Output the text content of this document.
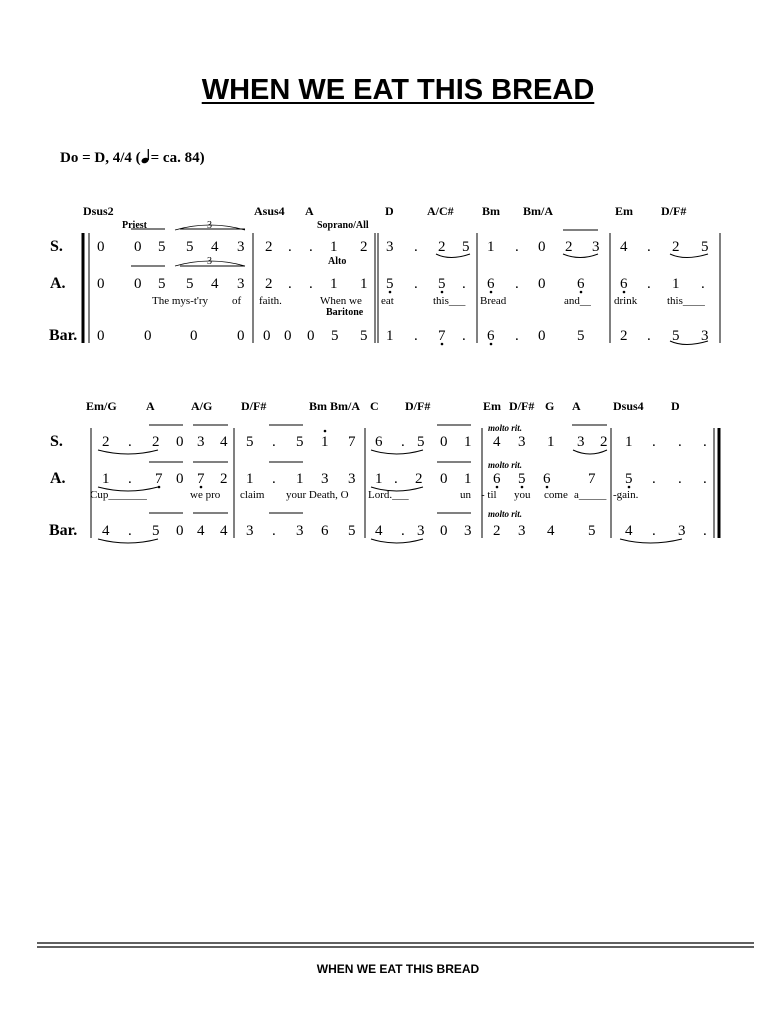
WHEN WE EAT THIS BREAD
Do = D, 4/4 ( = ca. 84)
Dsus2	Asus4 A	D	A/C# Bm Bm/A	Em D/F#
Priest	Soprano/All
Alto
Baritone
3
3
S.
A.
Bar.
0 0 5 5 4 3 2 . . 1 2 3 . 2 5 1 . 0 2 3 4 . 2 5
0 0 5 5 4 3 2 . . 1 1 5 . 5 . 6 . 0 6 6 . 1 .
The mys-t'ry of faith.	When we eat	this___ Bread	and__ drink	this____
0	0	0	0 0 0 0 5 5 1 . 7 . 6 . 0 5 2 . 5 3
Em/G A	A/G D/F#	Bm Bm/A C D/F#	Em D/F# G A	Dsus4 D
molto rit.
molto rit.
molto rit.
S.
A.
Bar.
2 . 2 0 3 4 5 . 5 1 7 6 . 5 0 1 4 3 1 3 2 1 . . .
1 . 7 0 7 2 1 . 1 3 3 1 . 2 0 1 6 5 6	7 5 . . .
Cup_______	we pro claim your Death, O Lord.___	un - til you come a_____ -gain.
4 . 5 0 4 4 3 . 3 6 5 4 . 3 0 3 2 3 4 5 4 . 3 .
WHEN WE EAT THIS BREAD
